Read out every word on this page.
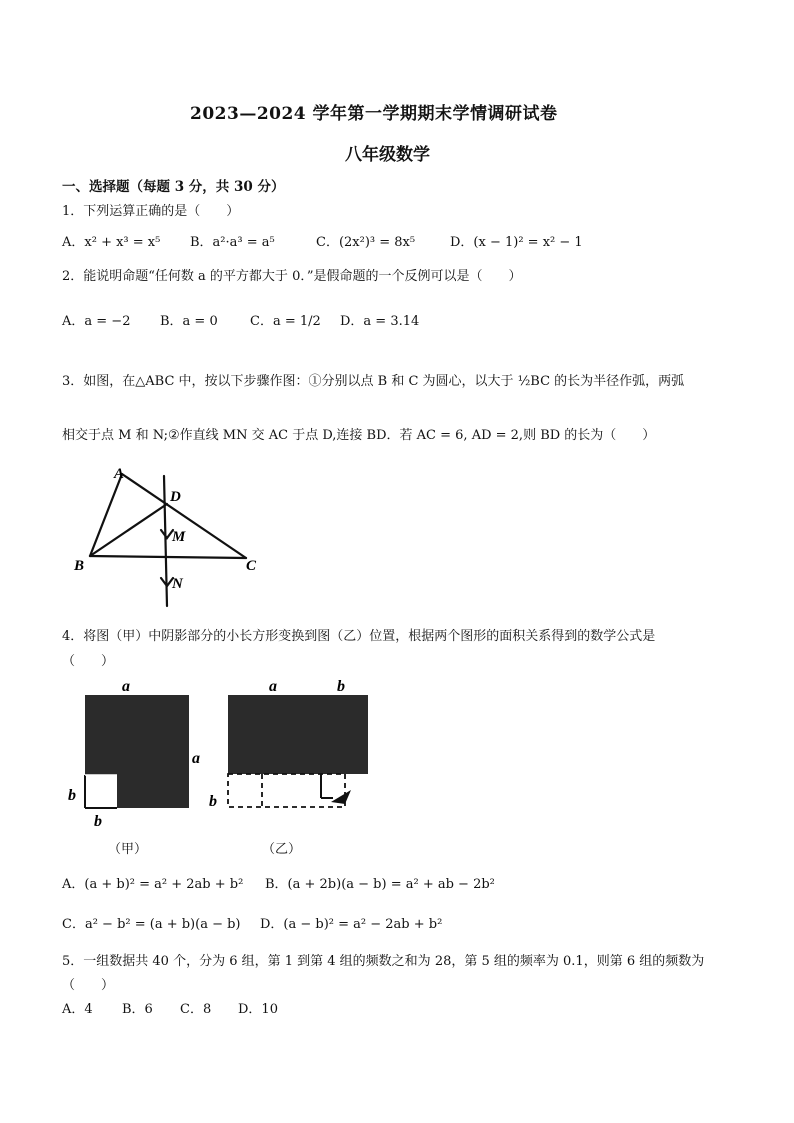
2023—2024 学年第一学期期末学情调研试卷
八年级数学
一、选择题（每题 3 分，共 30 分）
1．下列运算正确的是（　　）
A．x² + x³ = x⁵ B．a²·a³ = a⁵	C．(2x²)³ = 8x⁵	D．(x − 1)² = x² − 1
2．能说明命题“任何数 a 的平方都大于 0．”是假命题的一个反例可以是（　　）
A．a = −2 B．a = 0 C．a = 1/2 D．a = 3.14
3．如图，在△ABC 中，按以下步骤作图：①分别以点 B 和 C 为圆心，以大于 ½BC 的长为半径作弧，两弧
相交于点 M 和 N;②作直线 MN 交 AC 于点 D,连接 BD．若 AC = 6, AD = 2,则 BD 的长为（　　）
A
D
M
B	C
N
4．将图（甲）中阴影部分的小长方形变换到图（乙）位置，根据两个图形的面积关系得到的数学公式是
（　　）
a
a
b
b
（甲）
a	b
b
（乙）
A．(a + b)² = a² + 2ab + b² B．(a + 2b)(a − b) = a² + ab − 2b²
C．a² − b² = (a + b)(a − b) D．(a − b)² = a² − 2ab + b²
5．一组数据共 40 个，分为 6 组，第 1 到第 4 组的频数之和为 28，第 5 组的频率为 0.1，则第 6 组的频数为
（　　）
A．4 B．6 C．8 D．10
